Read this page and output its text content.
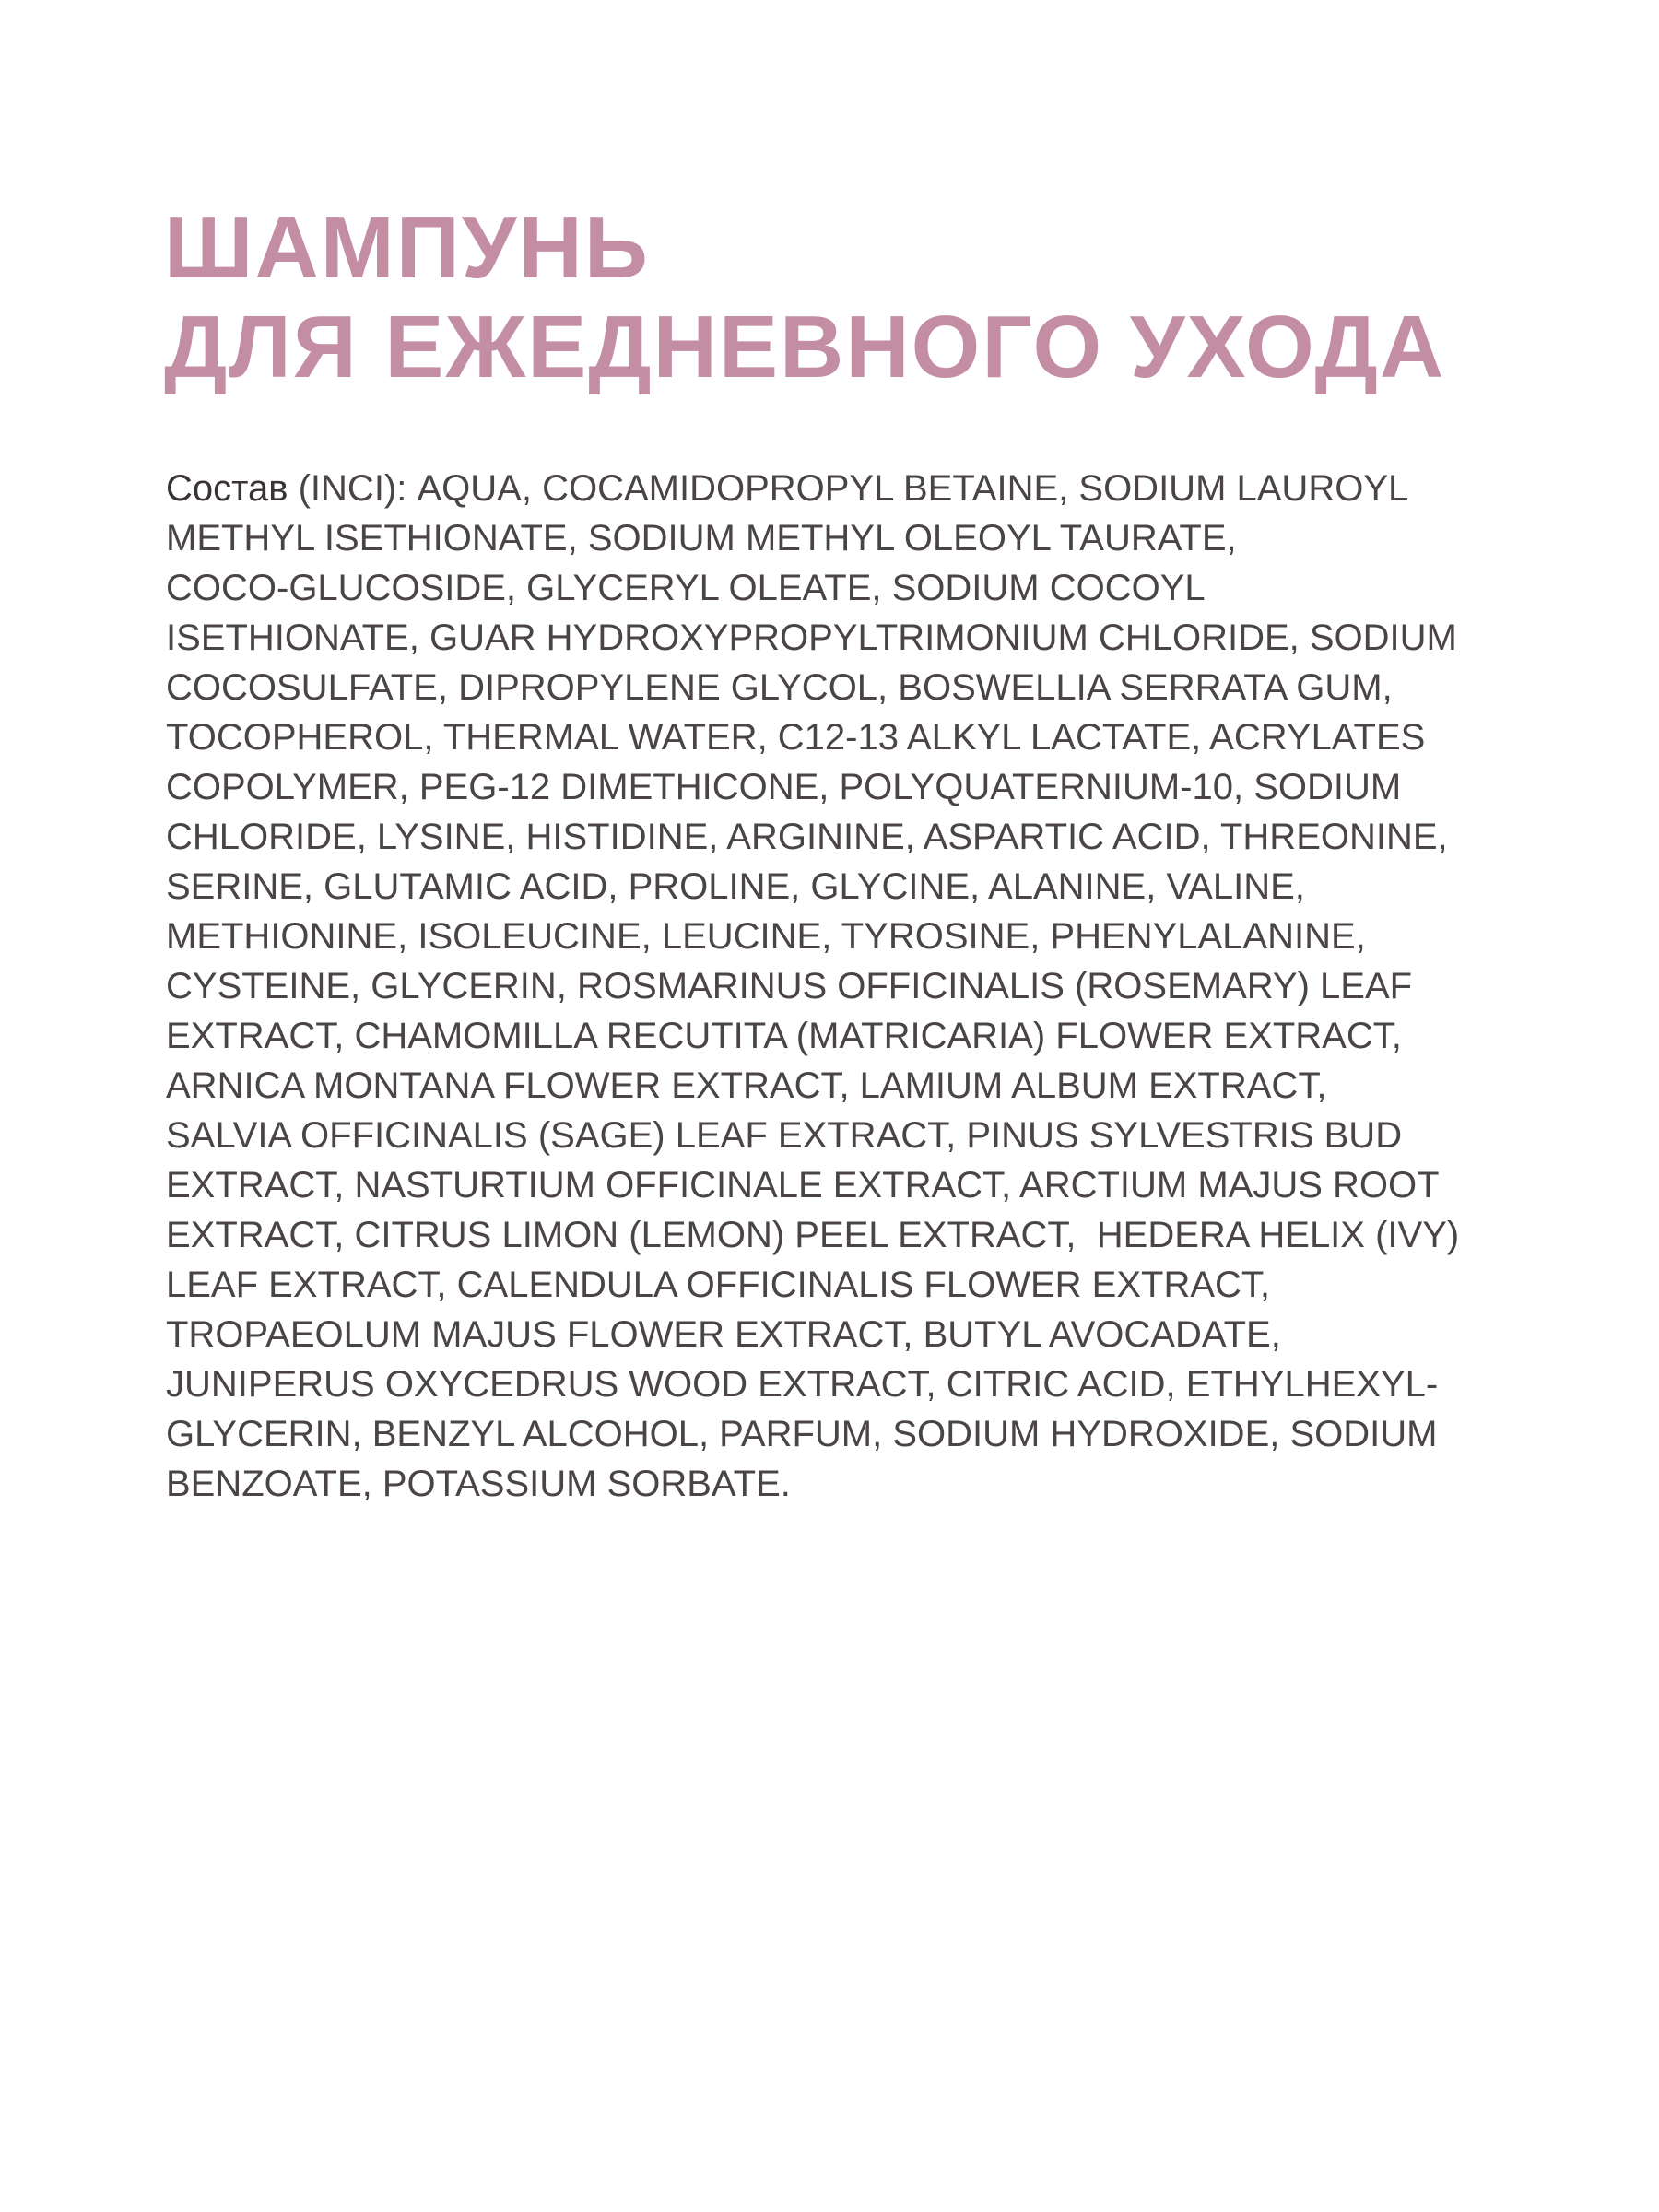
ШАМПУНЬ
ДЛЯ ЕЖЕДНЕВНОГО УХОДА
Состав (INCI): AQUA, COCAMIDOPROPYL BETAINE, SODIUM LAUROYL
METHYL ISETHIONATE, SODIUM METHYL OLEOYL TAURATE,
COCO-GLUCOSIDE, GLYCERYL OLEATE, SODIUM COCOYL
ISETHIONATE, GUAR HYDROXYPROPYLTRIMONIUM CHLORIDE, SODIUM
COCOSULFATE, DIPROPYLENE GLYCOL, BOSWELLIA SERRATA GUM,
TOCOPHEROL, THERMAL WATER, C12-13 ALKYL LACTATE, ACRYLATES
COPOLYMER, PEG-12 DIMETHICONE, POLYQUATERNIUM-10, SODIUM
CHLORIDE, LYSINE, HISTIDINE, ARGININE, ASPARTIC ACID, THREONINE,
SERINE, GLUTAMIC ACID, PROLINE, GLYCINE, ALANINE, VALINE,
METHIONINE, ISOLEUCINE, LEUCINE, TYROSINE, PHENYLALANINE,
CYSTEINE, GLYCERIN, ROSMARINUS OFFICINALIS (ROSEMARY) LEAF
EXTRACT, CHAMOMILLA RECUTITA (MATRICARIA) FLOWER EXTRACT,
ARNICA MONTANA FLOWER EXTRACT, LAMIUM ALBUM EXTRACT,
SALVIA OFFICINALIS (SAGE) LEAF EXTRACT, PINUS SYLVESTRIS BUD
EXTRACT, NASTURTIUM OFFICINALE EXTRACT, ARCTIUM MAJUS ROOT
EXTRACT, CITRUS LIMON (LEMON) PEEL EXTRACT,  HEDERA HELIX (IVY)
LEAF EXTRACT, CALENDULA OFFICINALIS FLOWER EXTRACT,
TROPAEOLUM MAJUS FLOWER EXTRACT, BUTYL AVOCADATE,
JUNIPERUS OXYCEDRUS WOOD EXTRACT, CITRIC ACID, ETHYLHEXYL-
GLYCERIN, BENZYL ALCOHOL, PARFUM, SODIUM HYDROXIDE, SODIUM
BENZOATE, POTASSIUM SORBATE.
